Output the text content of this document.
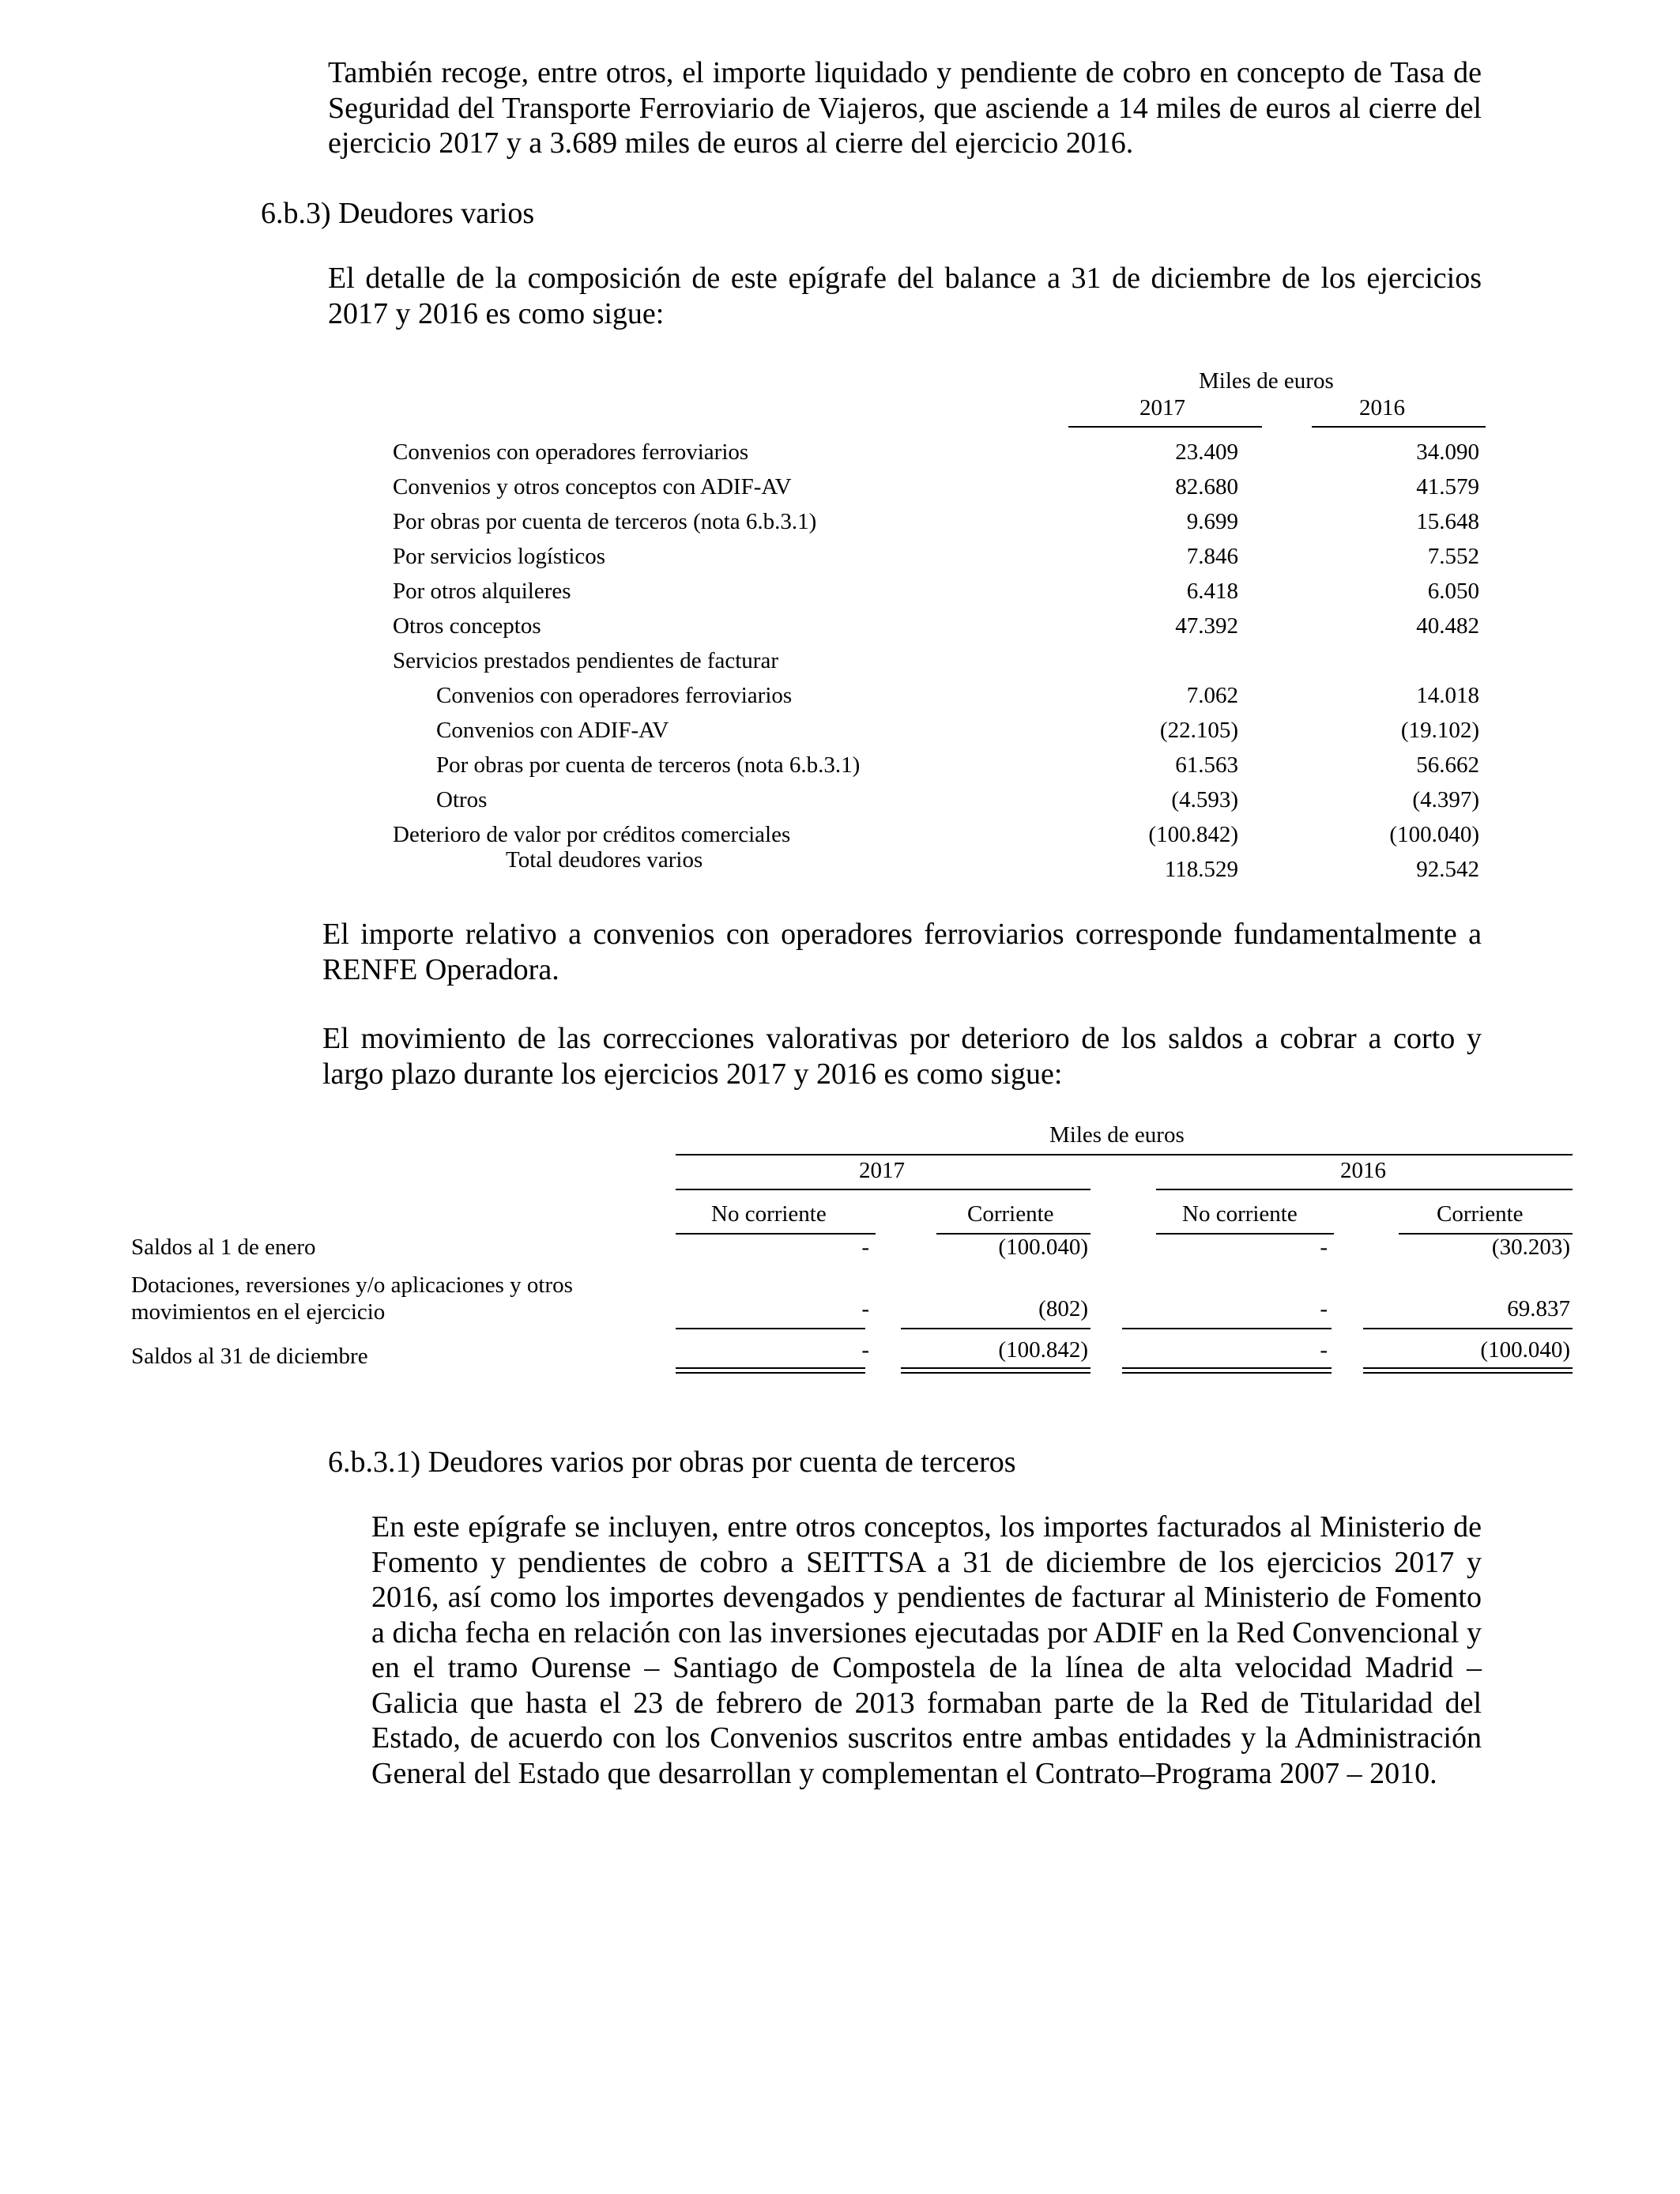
También recoge, entre otros, el importe liquidado y pendiente de cobro en concepto de Tasa de Seguridad del Transporte Ferroviario de Viajeros, que asciende a 14 miles de euros al cierre del ejercicio 2017 y a 3.689 miles de euros al cierre del ejercicio 2016.

6.b.3) Deudores varios

El detalle de la composición de este epígrafe del balance a 31 de diciembre de los ejercicios 2017 y 2016 es como sigue:

Miles de euros
2017	2016
Convenios con operadores ferroviarios	23.409	34.090
Convenios y otros conceptos con ADIF-AV	82.680	41.579
Por obras por cuenta de terceros (nota 6.b.3.1)	9.699	15.648
Por servicios logísticos	7.846	7.552
Por otros alquileres	6.418	6.050
Otros conceptos	47.392	40.482
Servicios prestados pendientes de facturar
Convenios con operadores ferroviarios	7.062	14.018
Convenios con ADIF-AV	(22.105)	(19.102)
Por obras por cuenta de terceros (nota 6.b.3.1)	61.563	56.662
Otros	(4.593)	(4.397)
Deterioro de valor por créditos comerciales	(100.842)	(100.040)
Total deudores varios	118.529	92.542

El importe relativo a convenios con operadores ferroviarios corresponde fundamentalmente a RENFE Operadora.

El movimiento de las correcciones valorativas por deterioro de los saldos a cobrar a corto y largo plazo durante los ejercicios 2017 y 2016 es como sigue:

Miles de euros
2017	2016
No corriente	Corriente	No corriente	Corriente
Saldos al 1 de enero	-	(100.040)	-	(30.203)
Dotaciones, reversiones y/o aplicaciones y otros
movimientos en el ejercicio	-	(802)	-	69.837
Saldos al 31 de diciembre	-	(100.842)	-	(100.040)

6.b.3.1) Deudores varios por obras por cuenta de terceros

En este epígrafe se incluyen, entre otros conceptos, los importes facturados al Ministerio de Fomento y pendientes de cobro a SEITTSA a 31 de diciembre de los ejercicios 2017 y 2016, así como los importes devengados y pendientes de facturar al Ministerio de Fomento a dicha fecha en relación con las inversiones ejecutadas por ADIF en la Red Convencional y en el tramo Ourense – Santiago de Compostela de la línea de alta velocidad Madrid – Galicia que hasta el 23 de febrero de 2013 formaban parte de la Red de Titularidad del Estado, de acuerdo con los Convenios suscritos entre ambas entidades y la Administración General del Estado que desarrollan y complementan el Contrato–Programa 2007 – 2010.
